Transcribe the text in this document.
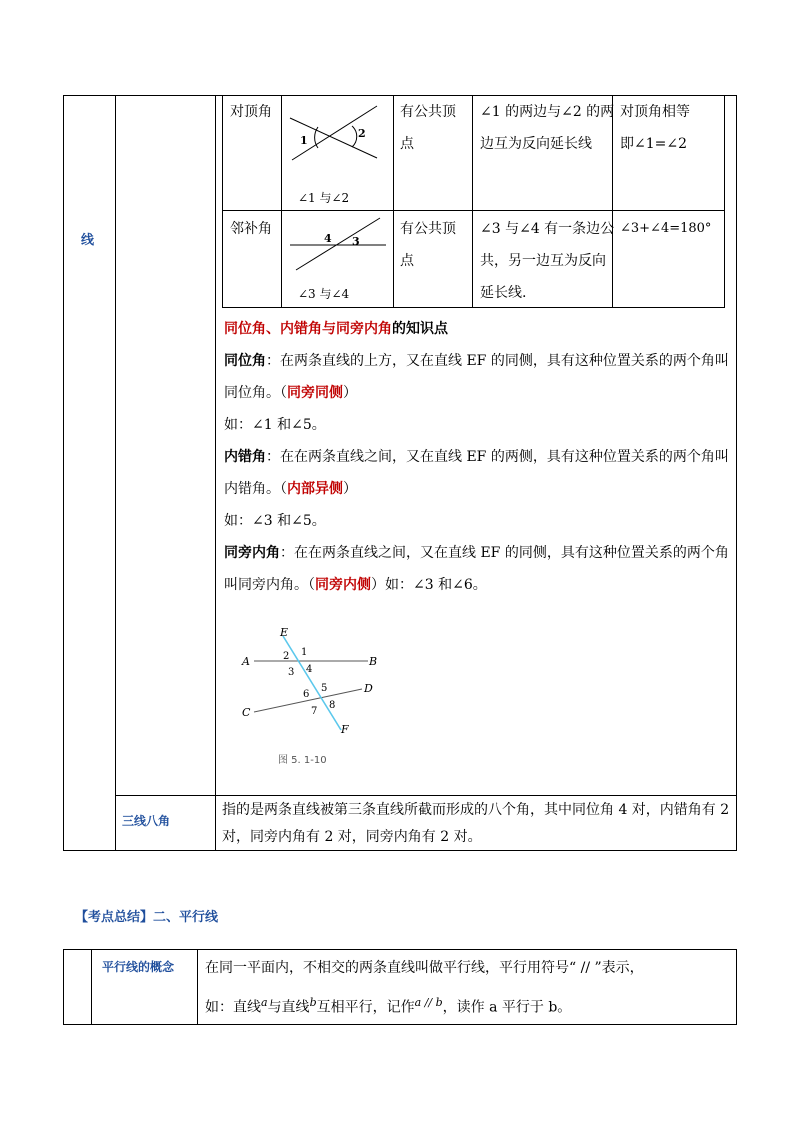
线
对顶角
1
2
∠1 与∠2
有公共顶
点
∠1 的两边与∠2 的两
边互为反向延长线
对顶角相等
即∠1=∠2
邻补角
4 3
∠3 与∠4
有公共顶
点
∠3 与∠4 有一条边公
共，另一边互为反向
延长线.
∠3+∠4=180°

同位角、内错角与同旁内角的知识点

同位角：在两条直线的上方，又在直线 EF 的同侧，具有这种位置关系的两个角叫

同位角。（同旁同侧）

如：∠1 和∠5。

内错角：在在两条直线之间，又在直线 EF 的两侧，具有这种位置关系的两个角叫

内错角。（内部异侧）

如：∠3 和∠5。

同旁内角：在在两条直线之间，又在直线 EF 的同侧，具有这种位置关系的两个角

叫同旁内角。（同旁内侧）如：∠3 和∠6。

E
A	B
C
D
F
1
2
3 4
5
6
7
8
图 5. 1-10
三线八角
指的是两条直线被第三条直线所截而形成的八个角，其中同位角 4 对，内错角有 2
对，同旁内角有 2 对，同旁内角有 2 对。
【考点总结】二、平行线
平行线的概念 在同一平面内，不相交的两条直线叫做平行线，平行用符号“ // ”表示，
如：直线$^a$与直线$^b$互相平行，记作$^{a // b}$，读作 a 平行于 b。
